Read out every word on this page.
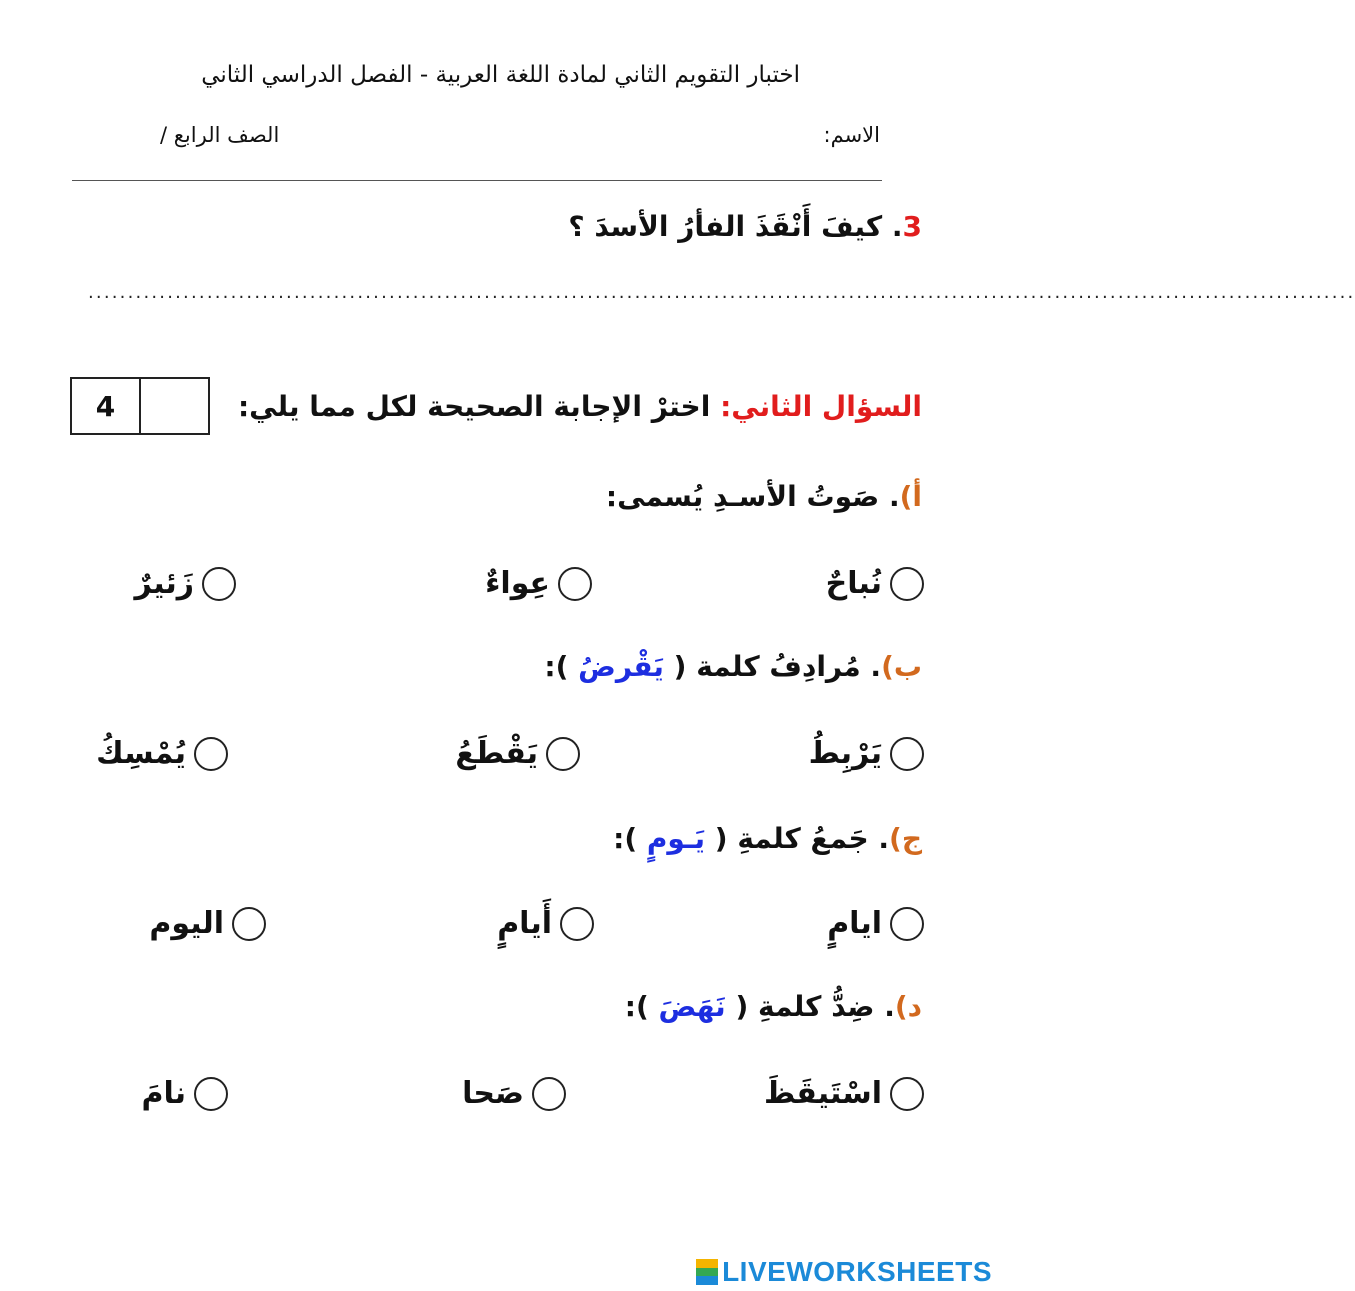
اختبار التقويم الثاني لمادة اللغة العربية - الفصل الدراسي الثاني
الاسم:
الصف الرابع /
3. كيفَ أَنْقَذَ الفأرُ الأسدَ ؟
................................................................................................................................................................
4	السؤال الثاني: اخترْ الإجابة الصحيحة لكل مما يلي:
أ). صَوتُ الأسـدِ يُسمى:
نُباحٌ
عِواءٌ
زَئيرٌ
ب). مُرادِفُ كلمة ( يَقْرضُ ):
يَرْبِطُ
يَقْطَعُ
يُمْسِكُ
ج). جَمعُ كلمةِ ( يَـومٍ ):
ايامٍ
أَيامٍ
اليوم
د). ضِدُّ كلمةِ ( نَهَضَ ):
اسْتَيقَظَ
صَحا
نامَ
LIVEWORKSHEETS
